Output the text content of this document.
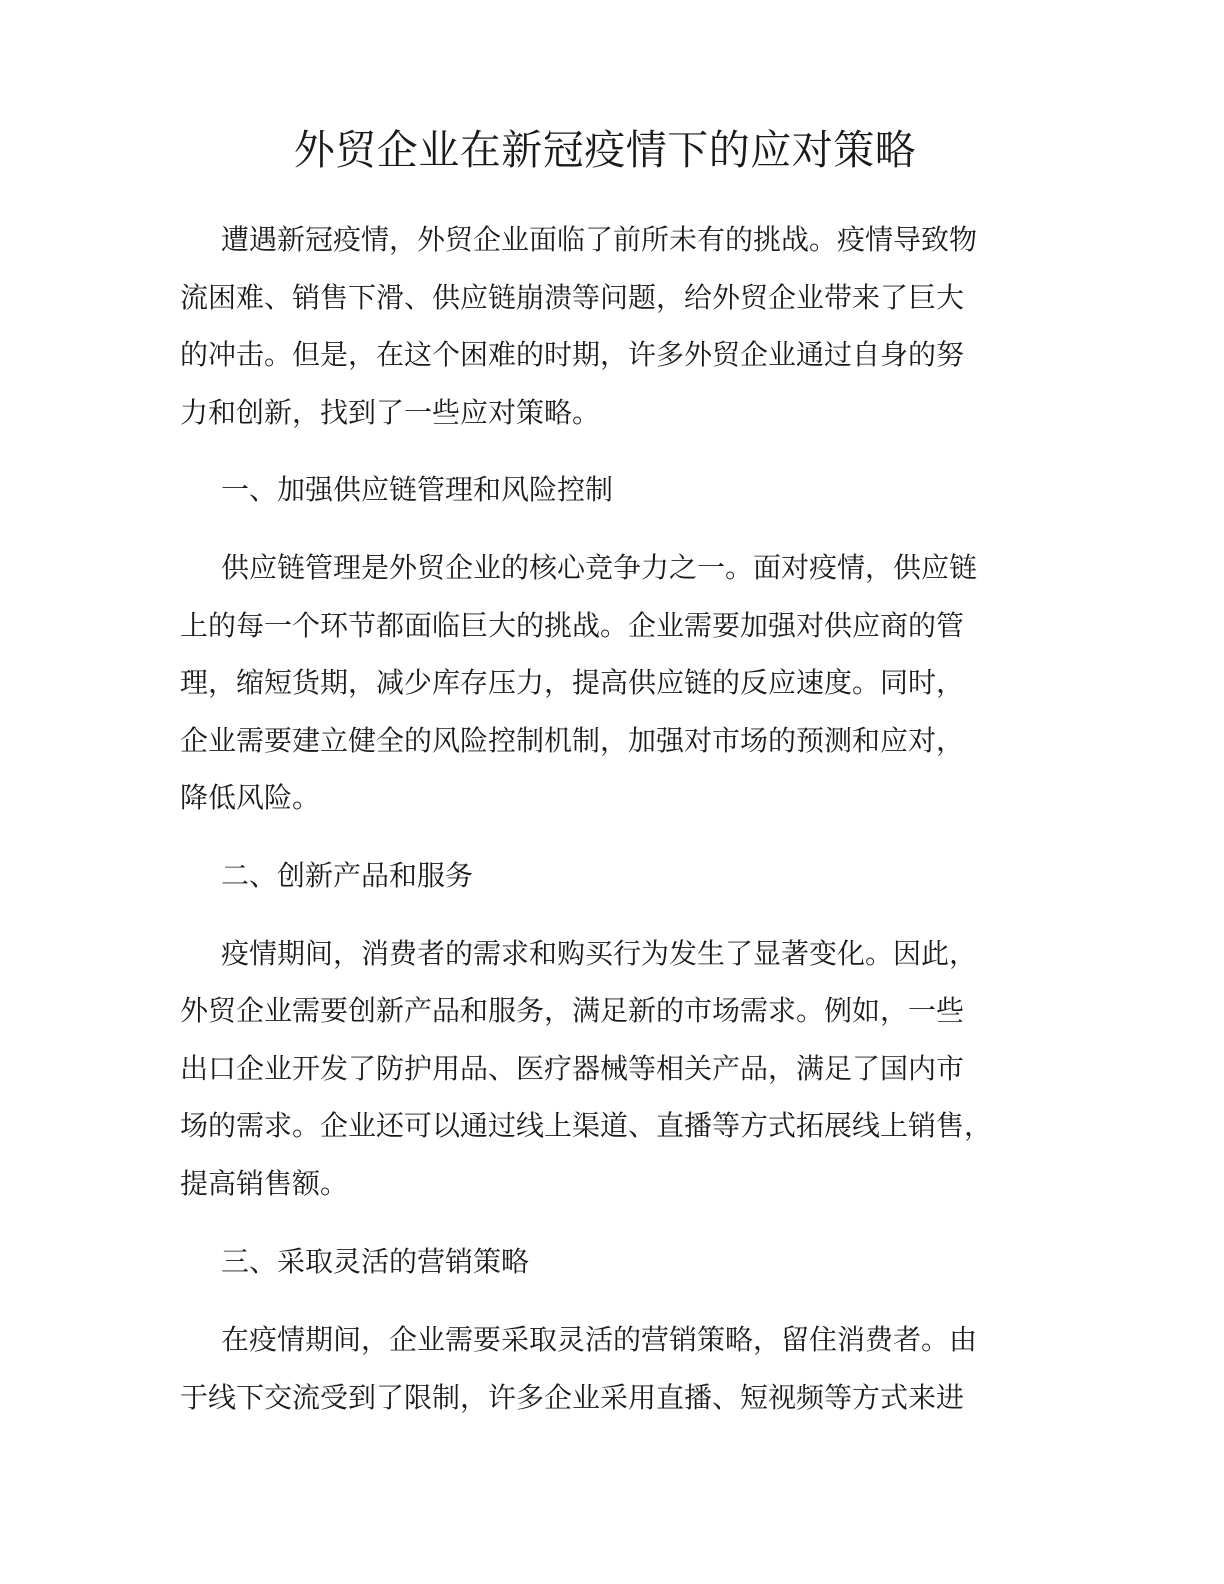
外贸企业在新冠疫情下的应对策略

遭遇新冠疫情，外贸企业面临了前所未有的挑战。疫情导致物

流困难、销售下滑、供应链崩溃等问题，给外贸企业带来了巨大

的冲击。但是，在这个困难的时期，许多外贸企业通过自身的努

力和创新，找到了一些应对策略。

一、加强供应链管理和风险控制

供应链管理是外贸企业的核心竞争力之一。面对疫情，供应链

上的每一个环节都面临巨大的挑战。企业需要加强对供应商的管

理，缩短货期，减少库存压力，提高供应链的反应速度。同时，

企业需要建立健全的风险控制机制，加强对市场的预测和应对，

降低风险。

二、创新产品和服务

疫情期间，消费者的需求和购买行为发生了显著变化。因此，

外贸企业需要创新产品和服务，满足新的市场需求。例如，一些

出口企业开发了防护用品、医疗器械等相关产品，满足了国内市

场的需求。企业还可以通过线上渠道、直播等方式拓展线上销售，

提高销售额。

三、采取灵活的营销策略

在疫情期间，企业需要采取灵活的营销策略，留住消费者。由

于线下交流受到了限制，许多企业采用直播、短视频等方式来进
